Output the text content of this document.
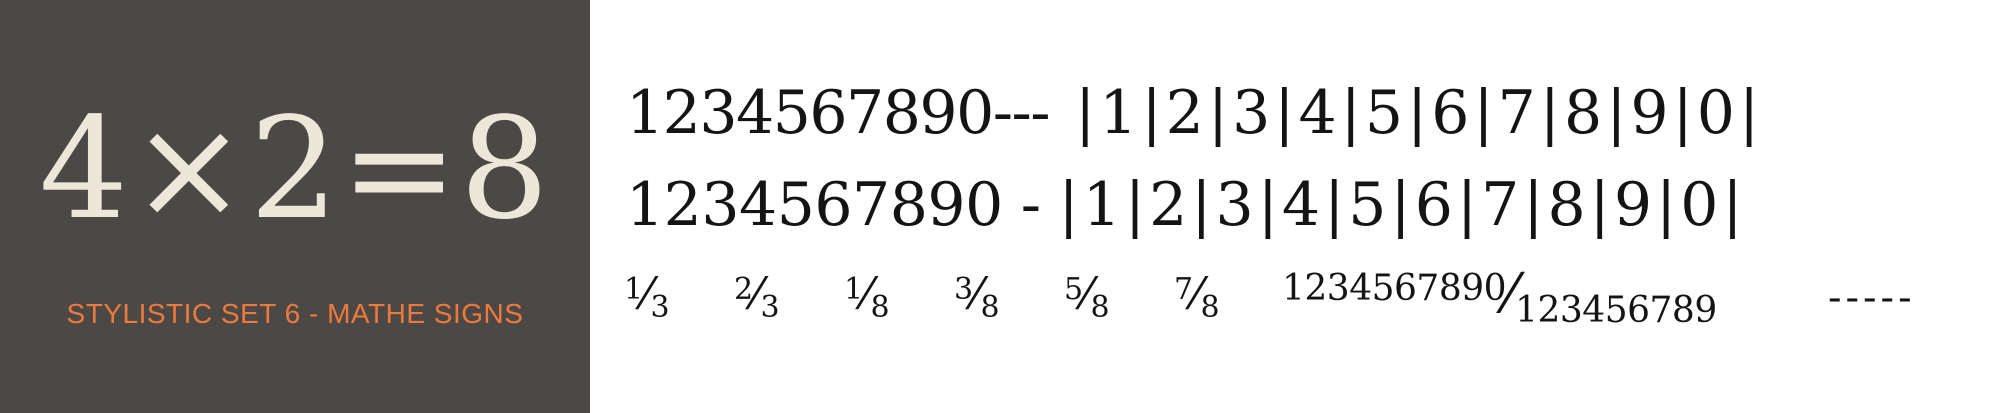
4×2=8
STYLISTIC SET 6 - MATHE SIGNS
1234567890--- |1|2|3|4|5|6|7|8|9|0|
1234567890 - |1|2|3|4|5|6|7|8|9|0|
$^1⁄_3$
$^2⁄_3$
$^1⁄_8$
$^3⁄_8$
$^5⁄_8$
$^7⁄_8$ 1234567890⁄123456789	-----
